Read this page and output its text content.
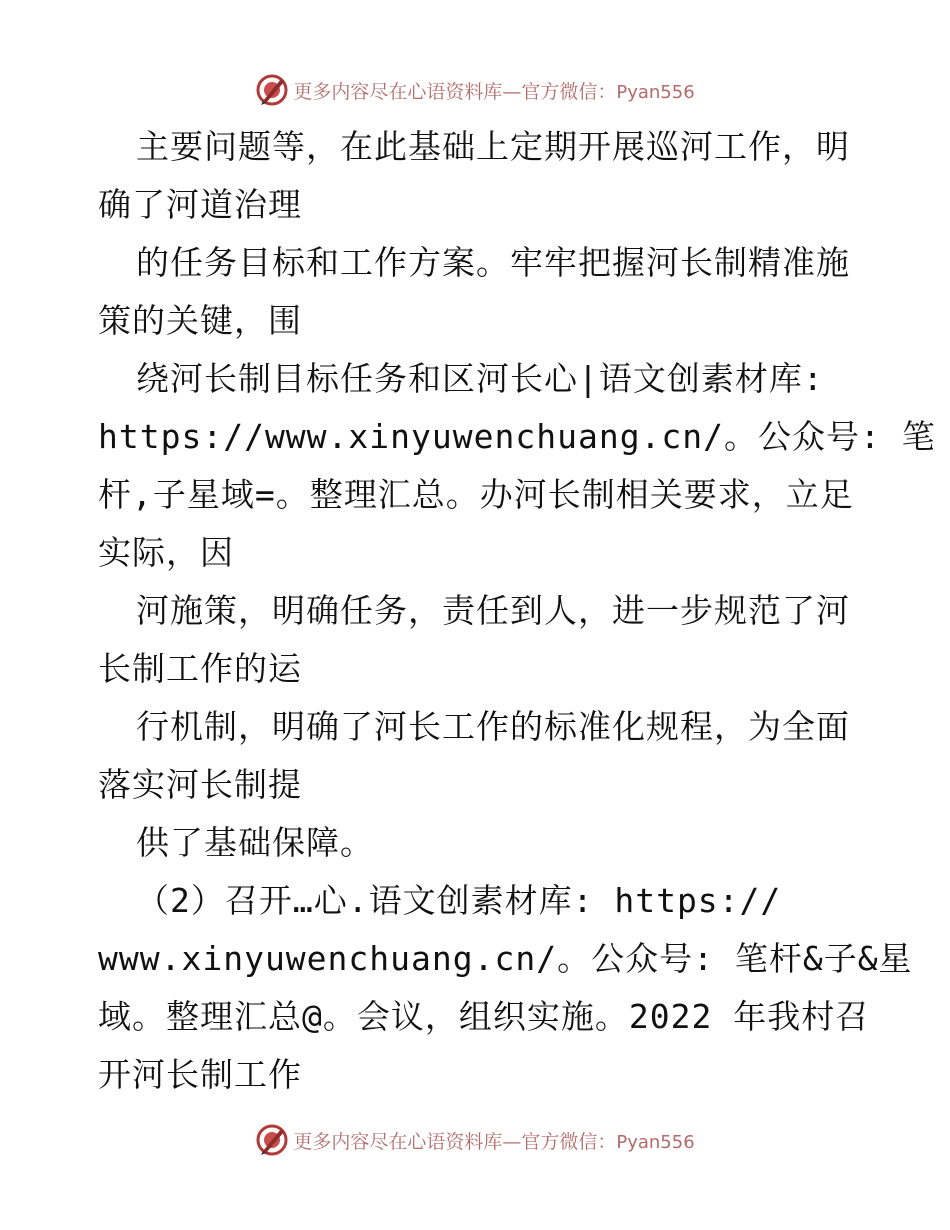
更多内容尽在心语资料库—官方微信：Pyan556
主要问题等，在此基础上定期开展巡河工作，明
确了河道治理
的任务目标和工作方案。牢牢把握河长制精准施
策的关键，围
绕河长制目标任务和区河长心|语文创素材库:
https://www.xinyuwenchuang.cn/。公众号: 笔
杆,子星域=。整理汇总。办河长制相关要求，立足
实际，因
河施策，明确任务，责任到人，进一步规范了河
长制工作的运
行机制，明确了河长工作的标准化规程，为全面
落实河长制提
供了基础保障。
（2）召开…心.语文创素材库: https://
www.xinyuwenchuang.cn/。公众号: 笔杆&子&星
域。整理汇总@。会议，组织实施。2022 年我村召
开河长制工作
更多内容尽在心语资料库—官方微信：Pyan556
